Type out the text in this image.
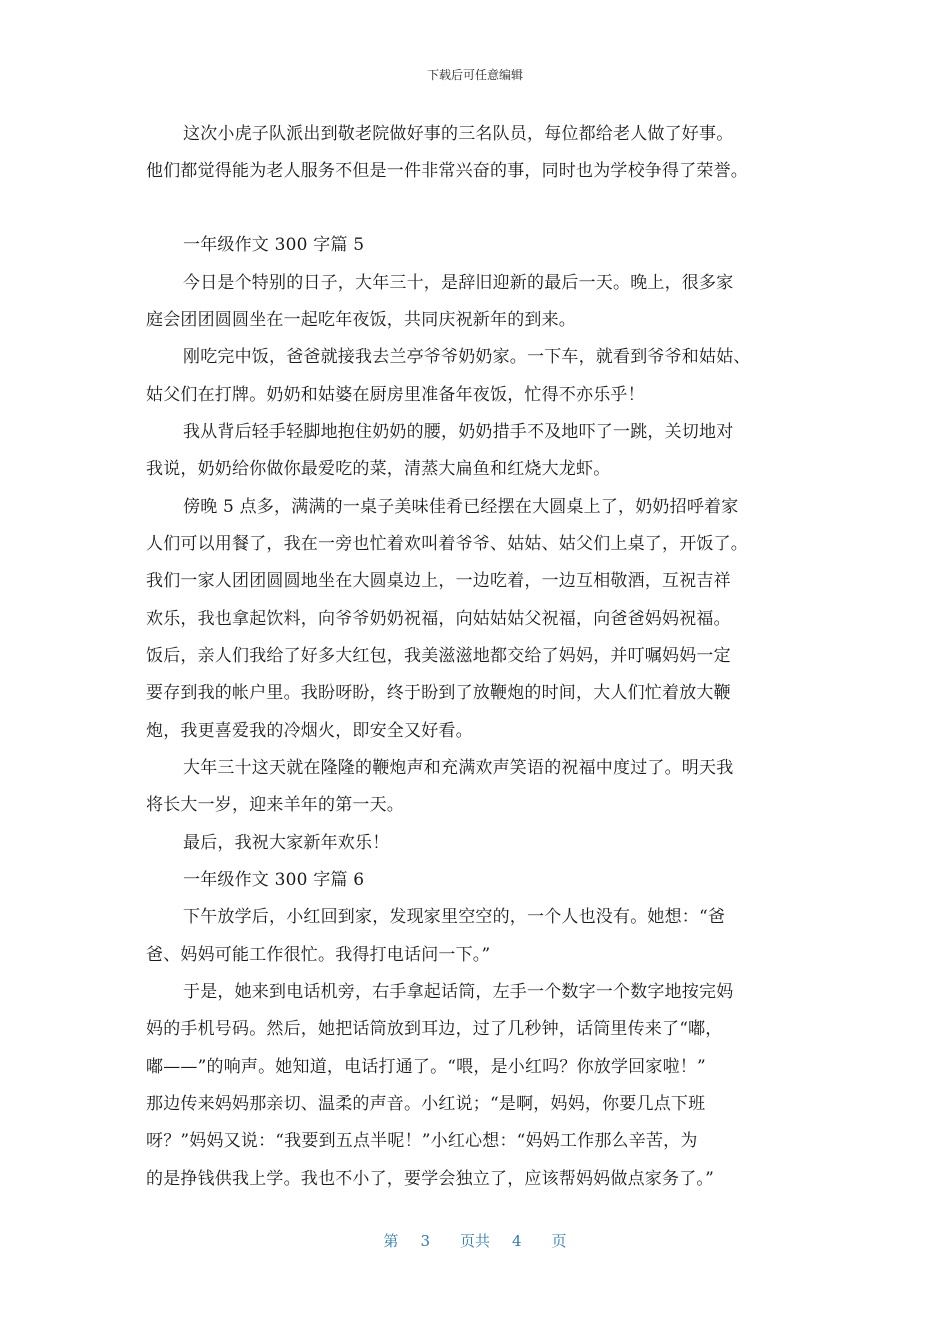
下载后可任意编辑
这次小虎子队派出到敬老院做好事的三名队员，每位都给老人做了好事。
他们都觉得能为老人服务不但是一件非常兴奋的事，同时也为学校争得了荣誉。
一年级作文 300 字篇 5
今日是个特别的日子，大年三十，是辞旧迎新的最后一天。晚上，很多家
庭会团团圆圆坐在一起吃年夜饭，共同庆祝新年的到来。
刚吃完中饭，爸爸就接我去兰亭爷爷奶奶家。一下车，就看到爷爷和姑姑、
姑父们在打牌。奶奶和姑婆在厨房里准备年夜饭，忙得不亦乐乎！
我从背后轻手轻脚地抱住奶奶的腰，奶奶措手不及地吓了一跳，关切地对
我说，奶奶给你做你最爱吃的菜，清蒸大扁鱼和红烧大龙虾。
傍晚 5 点多，满满的一桌子美味佳肴已经摆在大圆桌上了，奶奶招呼着家
人们可以用餐了，我在一旁也忙着欢叫着爷爷、姑姑、姑父们上桌了，开饭了。
我们一家人团团圆圆地坐在大圆桌边上，一边吃着，一边互相敬酒，互祝吉祥
欢乐，我也拿起饮料，向爷爷奶奶祝福，向姑姑姑父祝福，向爸爸妈妈祝福。
饭后，亲人们我给了好多大红包，我美滋滋地都交给了妈妈，并叮嘱妈妈一定
要存到我的帐户里。我盼呀盼，终于盼到了放鞭炮的时间，大人们忙着放大鞭
炮，我更喜爱我的冷烟火，即安全又好看。
大年三十这天就在隆隆的鞭炮声和充满欢声笑语的祝福中度过了。明天我
将长大一岁，迎来羊年的第一天。
最后，我祝大家新年欢乐！
一年级作文 300 字篇 6
下午放学后，小红回到家，发现家里空空的，一个人也没有。她想：“爸
爸、妈妈可能工作很忙。我得打电话问一下。”
于是，她来到电话机旁，右手拿起话筒，左手一个数字一个数字地按完妈
妈的手机号码。然后，她把话筒放到耳边，过了几秒钟，话筒里传来了“嘟，
嘟——”的响声。她知道，电话打通了。“喂，是小红吗？你放学回家啦！”
那边传来妈妈那亲切、温柔的声音。小红说；“是啊，妈妈，你要几点下班
呀？”妈妈又说：“我要到五点半呢！”小红心想：“妈妈工作那么辛苦，为
的是挣钱供我上学。我也不小了，要学会独立了，应该帮妈妈做点家务了。”
第 3 页共 4 页
